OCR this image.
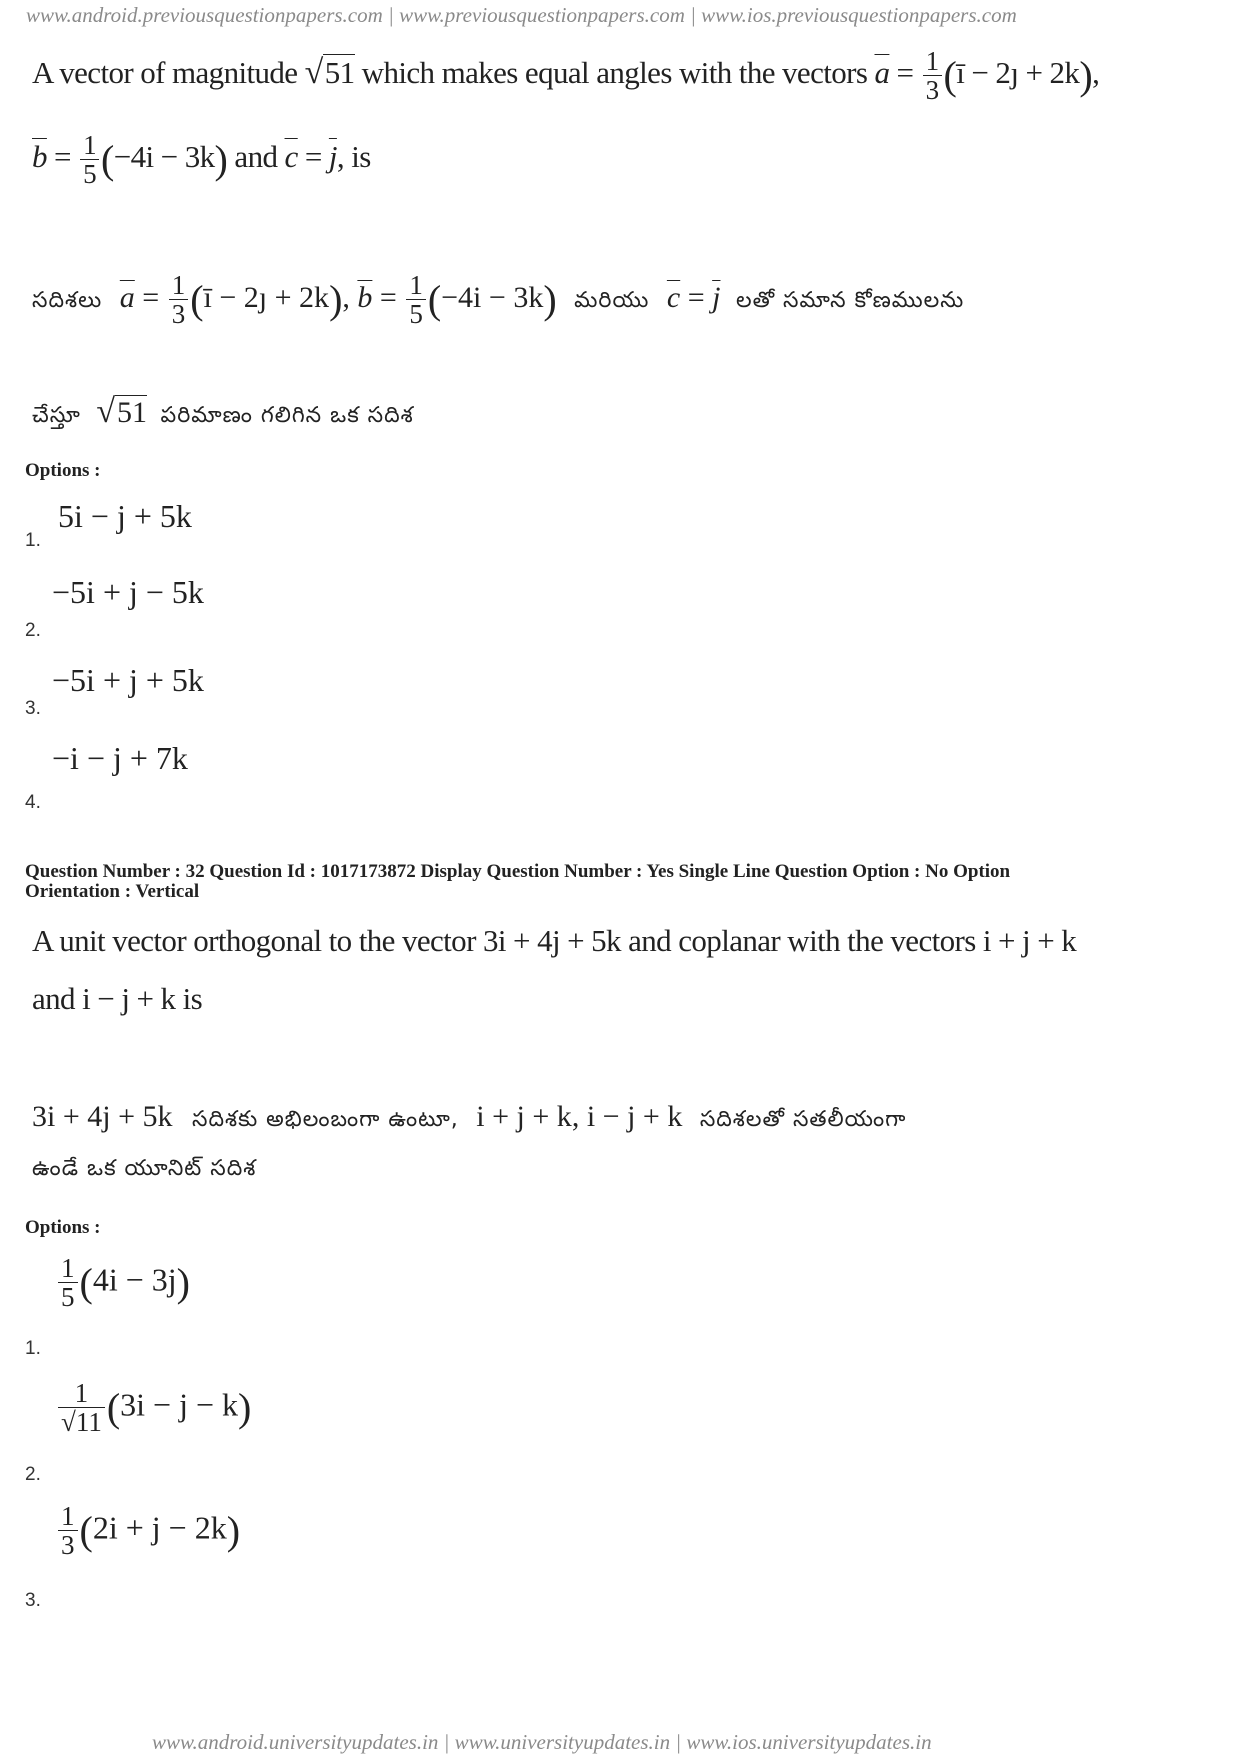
www.android.previousquestionpapers.com | www.previousquestionpapers.com | www.ios.previousquestionpapers.com
A vector of magnitude √51 which makes equal angles with the vectors $\overline{a} = \frac{1}{3}$ (ī − 2ȷ + 2k),
$\overline{b} = \frac{1}{5} (-4i - 3k)$ and $\overline{c} = \overline{j}$, is
సదిశలు $\overline{a} = \frac{1}{3}$ (ī − 2ȷ + 2k), $\overline{b} = \frac{1}{5} (-4i - 3k)$ మరియు $\overline{c} = \overline{j}$ లతో సమాన కోణములను
చేస్తూ √51 పరిమాణం గలిగిన ఒక సదిశ
Options :
5i − j + 5k
1.
−5i + j − 5k
2.
−5i + j + 5k
3.
−i − j + 7k
4.
Question Number : 32 Question Id : 1017173872 Display Question Number : Yes Single Line Question Option : No Option
Orientation : Vertical
A unit vector orthogonal to the vector 3i + 4j + 5k and coplanar with the vectors i + j + k
and i − j + k is
3i + 4j + 5k సదిశకు అభిలంబంగా ఉంటూ, i + j + k, i − j + k సదిశలతో సతలీయంగా
ఉండే ఒక యూనిట్ సదిశ
Options :
$\frac{1}{5} (4i - 3j)$
1.
$\frac{1}{√11} (3i - j - k)$
2.
$\frac{1}{3} (2i + j - 2k)$
3.
www.android.universityupdates.in | www.universityupdates.in | www.ios.universityupdates.in
